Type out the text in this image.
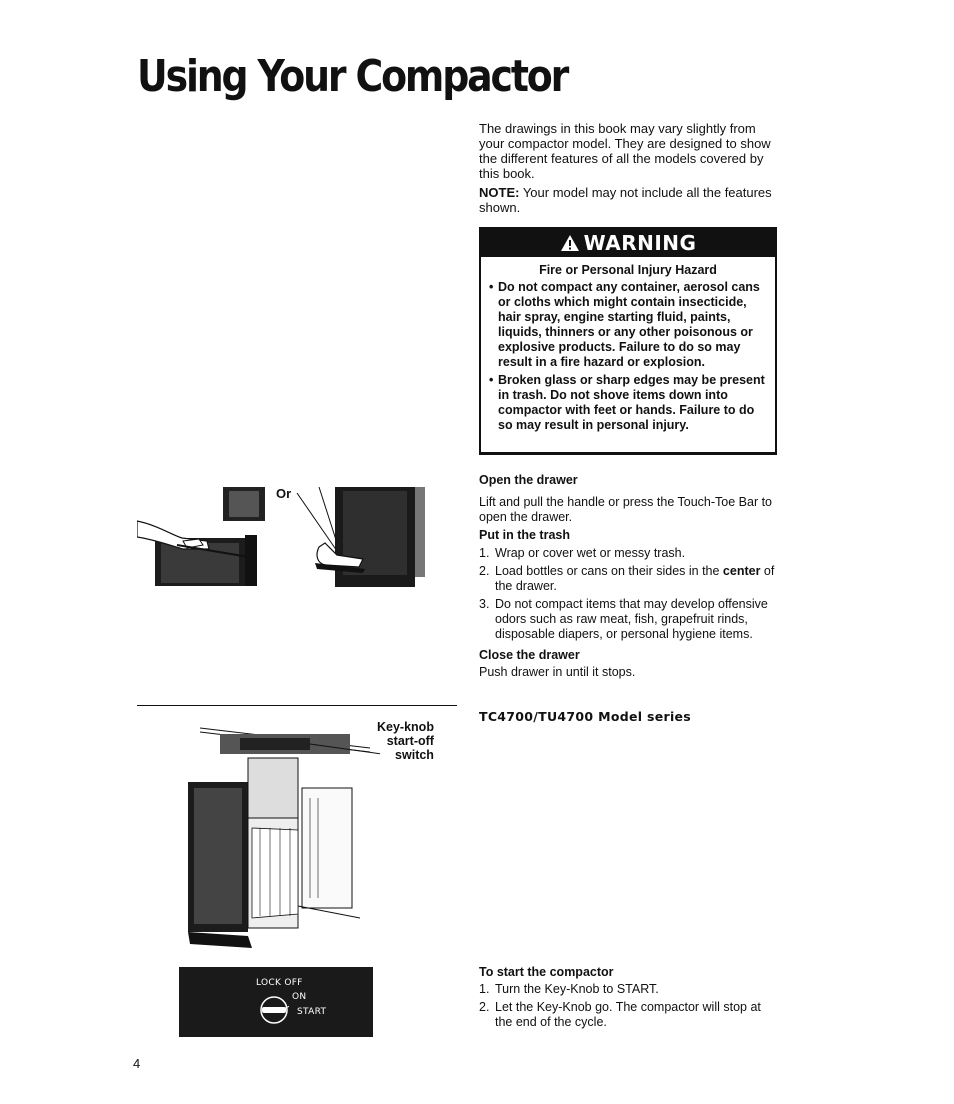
Using Your Compactor

The drawings in this book may vary slightly from your compactor model. They are designed to show the different features of all the models covered by this book.

NOTE: Your model may not include all the features shown.

WARNING
Fire or Personal Injury Hazard
• Do not compact any container, aerosol cans or cloths which might contain insecticide, hair spray, engine starting fluid, paints, liquids, thinners or any other poisonous or explosive products. Failure to do so may result in a fire hazard or explosion.
• Broken glass or sharp edges may be present in trash. Do not shove items down into compactor with feet or hands. Failure to do so may result in personal injury.

Open the drawer

Lift and pull the handle or press the Touch-Toe Bar to open the drawer.

Put in the trash

1. Wrap or cover wet or messy trash.
2. Load bottles or cans on their sides in the center of the drawer.
3. Do not compact items that may develop offensive odors such as raw meat, fish, grapefruit rinds, disposable diapers, or personal hygiene items.

Close the drawer

Push drawer in until it stops.

TC4700/TU4700 Model series

To start the compactor

1. Turn the Key-Knob to START.
2. Let the Key-Knob go. The compactor will stop at the end of the cycle.
Or
Key-knob
start-off
switch
LOCK OFF
ON
START
4
